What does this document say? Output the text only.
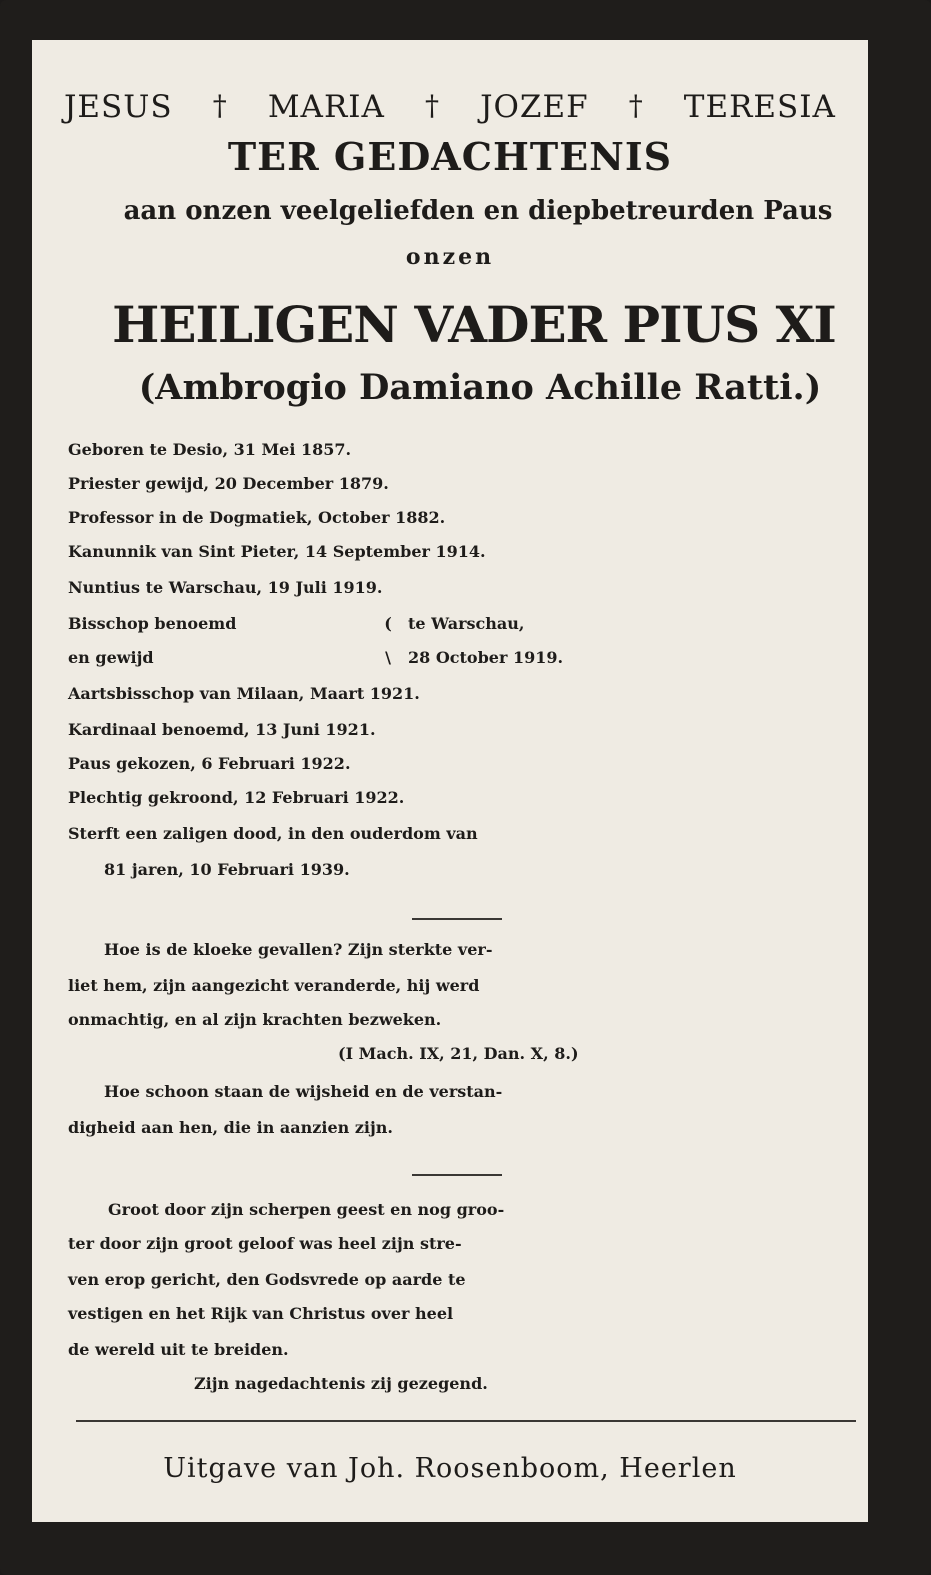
JESUS † MARIA † JOZEF † TERESIA
TER GEDACHTENIS
aan onzen veelgeliefden en diepbetreurden Paus
onzen
HEILIGEN VADER PIUS XI
(Ambrogio Damiano Achille Ratti.)
Geboren te Desio, 31 Mei 1857.
Priester gewijd, 20 December 1879.
Professor in de Dogmatiek, October 1882.
Kanunnik van Sint Pieter, 14 September 1914.
Nuntius te Warschau, 19 Juli 1919.
Bisschop benoemd	( te Warschau,
en gewijd	\ 28 October 1919.
Aartsbisschop van Milaan, Maart 1921.
Kardinaal benoemd, 13 Juni 1921.
Paus gekozen, 6 Februari 1922.
Plechtig gekroond, 12 Februari 1922.
Sterft een zaligen dood, in den ouderdom van
81 jaren, 10 Februari 1939.
Hoe is de kloeke gevallen? Zijn sterkte ver-
liet hem, zijn aangezicht veranderde, hij werd
onmachtig, en al zijn krachten bezweken.
(I Mach. IX, 21, Dan. X, 8.)
Hoe schoon staan de wijsheid en de verstan-
digheid aan hen, die in aanzien zijn.
Groot door zijn scherpen geest en nog groo-
ter door zijn groot geloof was heel zijn stre-
ven erop gericht, den Godsvrede op aarde te
vestigen en het Rijk van Christus over heel
de wereld uit te breiden.
Zijn nagedachtenis zij gezegend.
Uitgave van Joh. Roosenboom, Heerlen
